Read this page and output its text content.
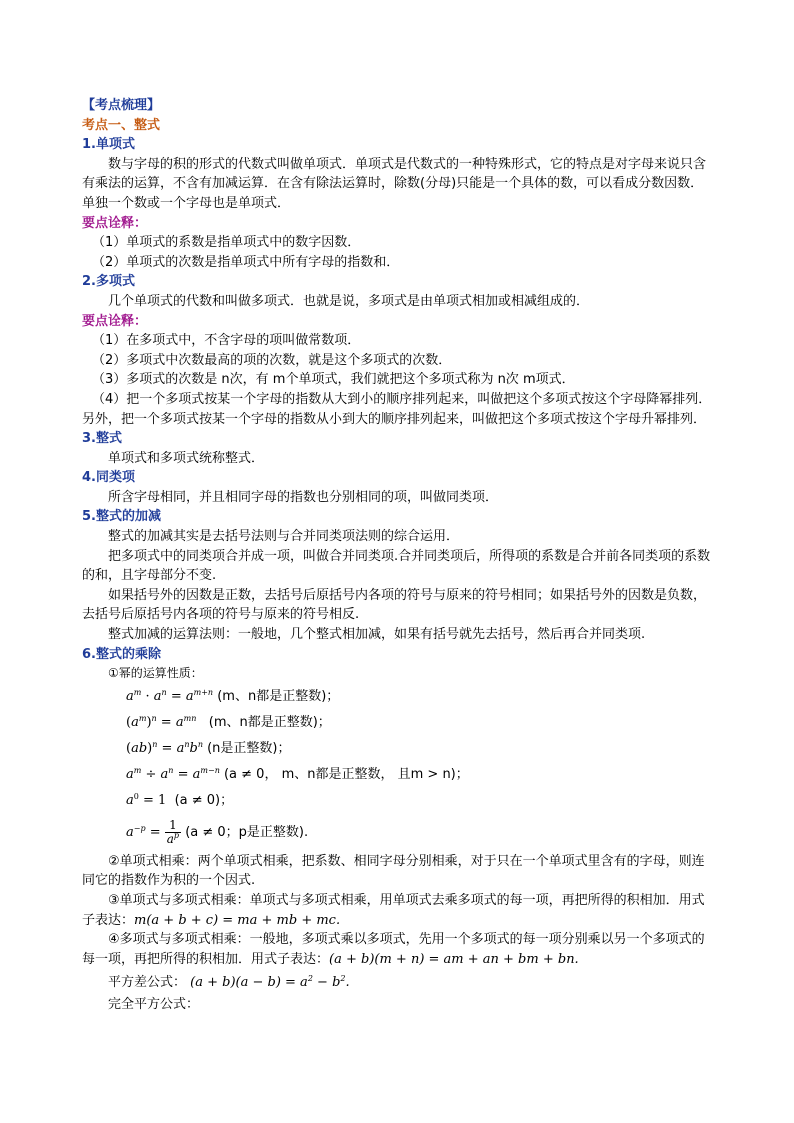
【考点梳理】
考点一、整式
1.单项式
数与字母的积的形式的代数式叫做单项式．单项式是代数式的一种特殊形式，它的特点是对字母来说只含有乘法的运算，不含有加减运算．在含有除法运算时，除数(分母)只能是一个具体的数，可以看成分数因数．单独一个数或一个字母也是单项式．
要点诠释：
（1）单项式的系数是指单项式中的数字因数．
（2）单项式的次数是指单项式中所有字母的指数和．
2.多项式
几个单项式的代数和叫做多项式．也就是说，多项式是由单项式相加或相减组成的．
要点诠释：
（1）在多项式中，不含字母的项叫做常数项．
（2）多项式中次数最高的项的次数，就是这个多项式的次数．
（3）多项式的次数是 n次，有 m个单项式，我们就把这个多项式称为 n次 m项式．
（4）把一个多项式按某一个字母的指数从大到小的顺序排列起来，叫做把这个多项式按这个字母降幂排列．另外，把一个多项式按某一个字母的指数从小到大的顺序排列起来，叫做把这个多项式按这个字母升幂排列．
3.整式
单项式和多项式统称整式．
4.同类项
所含字母相同，并且相同字母的指数也分别相同的项，叫做同类项．
5.整式的加减
整式的加减其实是去括号法则与合并同类项法则的综合运用．
把多项式中的同类项合并成一项，叫做合并同类项.合并同类项后，所得项的系数是合并前各同类项的系数的和，且字母部分不变.
如果括号外的因数是正数，去括号后原括号内各项的符号与原来的符号相同；如果括号外的因数是负数，去括号后原括号内各项的符号与原来的符号相反.
整式加减的运算法则：一般地，几个整式相加减，如果有括号就先去括号，然后再合并同类项.
6.整式的乘除
①幂的运算性质：
$a^m \cdot a^n = a^{m+n}$ (m、n都是正整数)；
$(a^m)^n = a^{mn}$ (m、n都是正整数)；
$(ab)^n = a^nb^n$ (n是正整数)；
$a^m \div a^n = a^{m-n}$ (a ≠ 0， m、n都是正整数， 且m > n)；
$a^0 = 1$  (a ≠ 0)；
$a^{-p} = \frac{1}{a^p} (a \ne 0$；p是正整数).
②单项式相乘：两个单项式相乘，把系数、相同字母分别相乘，对于只在一个单项式里含有的字母，则连同它的指数作为积的一个因式.
③单项式与多项式相乘：单项式与多项式相乘，用单项式去乘多项式的每一项，再把所得的积相加．用式子表达：m(a + b + c) = ma + mb + mc.
④多项式与多项式相乘：一般地，多项式乘以多项式，先用一个多项式的每一项分别乘以另一个多项式的每一项，再把所得的积相加．用式子表达：(a + b)(m + n) = am + an + bm + bn.
平方差公式： $(a + b)(a - b) = a^2 - b^2$.
完全平方公式：
